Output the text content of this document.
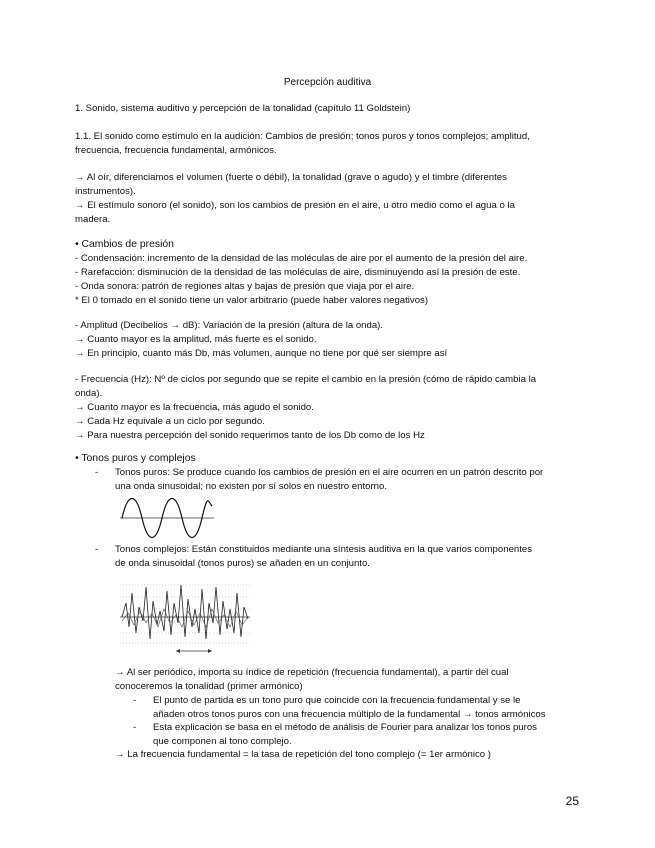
Percepción auditiva

1. Sonido, sistema auditivo y percepción de la tonalidad (capítulo 11 Goldstein)

1.1. El sonido como estímulo en la audición: Cambios de presión; tonos puros y tonos complejos; amplitud,

frecuencia, frecuencia fundamental, armónicos.

→ Al oír, diferenciamos el volumen (fuerte o débil), la tonalidad (grave o agudo) y el timbre (diferentes

instrumentos).

→ El estímulo sonoro (el sonido), son los cambios de presión en el aire, u otro medio como el agua o la

madera.

• Cambios de presión

- Condensación: incremento de la densidad de las moléculas de aire por el aumento de la presión del aire.

- Rarefacción: disminución de la densidad de las moléculas de aire, disminuyendo así la presión de este.

- Onda sonora: patrón de regiones altas y bajas de presión que viaja por el aire.

* El 0 tomado en el sonido tiene un valor arbitrario (puede haber valores negativos)

- Amplitud (Decibelios → dB): Variación de la presión (altura de la onda).

→ Cuanto mayor es la amplitud, más fuerte es el sonido.

→ En principio, cuanto más Db, más volumen, aunque no tiene por qué ser siempre así

- Frecuencia (Hz): Nº de ciclos por segundo que se repite el cambio en la presión (cómo de rápido cambia la

onda).

→ Cuanto mayor es la frecuencia, más agudo el sonido.

→ Cada Hz equivale a un ciclo por segundo.

→ Para nuestra percepción del sonido requerimos tanto de los Db como de los Hz

• Tonos puros y complejos

- Tonos puros: Se produce cuando los cambios de presión en el aire ocurren en un patrón descrito por

una onda sinusoidal; no existen por sí solos en nuestro entorno.

- Tonos complejos: Están constituidos mediante una síntesis auditiva en la que varios componentes

de onda sinusoidal (tonos puros) se añaden en un conjunto.

→ Al ser periódico, importa su índice de repetición (frecuencia fundamental), a partir del cual

conoceremos la tonalidad (primer armónico)

- El punto de partida es un tono puro que coincide con la frecuencia fundamental y se le

añaden otros tonos puros con una frecuencia múltiplo de la fundamental → tonos armónicos

- Esta explicación se basa en el método de análisis de Fourier para analizar los tonos puros

que componen al tono complejo.

→ La frecuencia fundamental = la tasa de repetición del tono complejo (= 1er armónico )

25
